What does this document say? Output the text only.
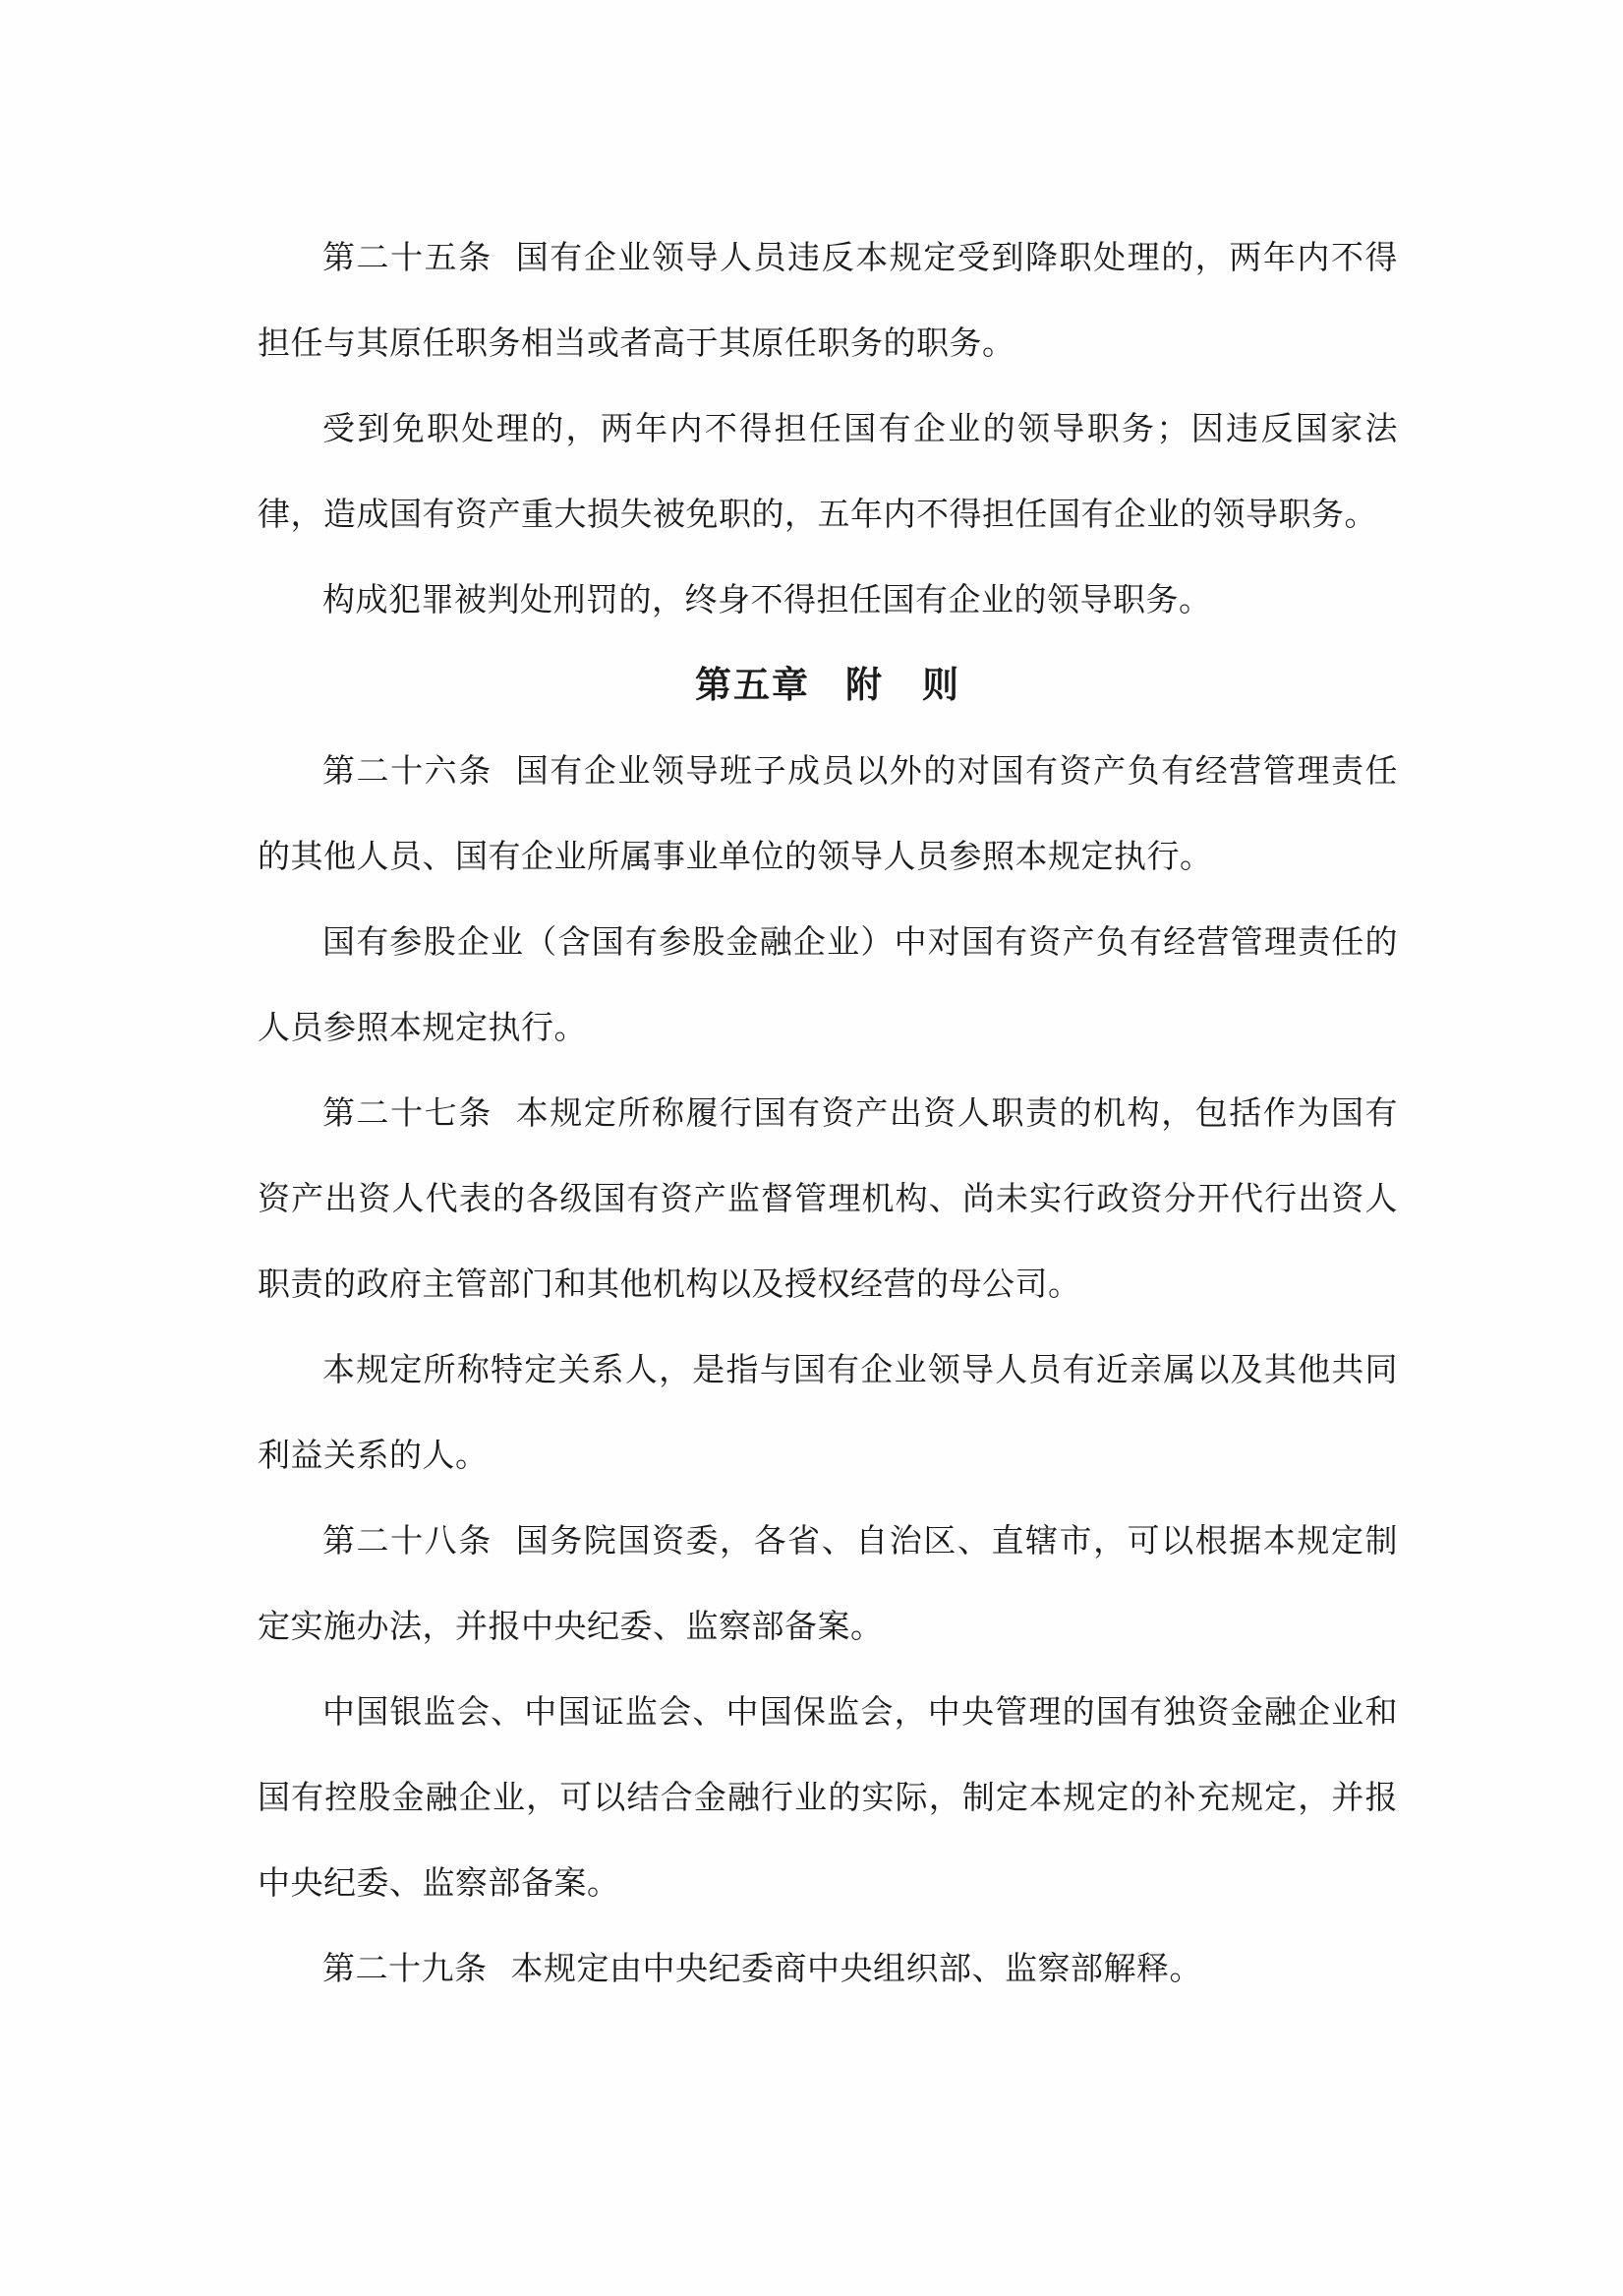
第二十五条 国有企业领导人员违反本规定受到降职处理的，两年内不得担任与其原任职务相当或者高于其原任职务的职务。

受到免职处理的，两年内不得担任国有企业的领导职务；因违反国家法律，造成国有资产重大损失被免职的，五年内不得担任国有企业的领导职务。

构成犯罪被判处刑罚的，终身不得担任国有企业的领导职务。

第五章 附　则

第二十六条 国有企业领导班子成员以外的对国有资产负有经营管理责任的其他人员、国有企业所属事业单位的领导人员参照本规定执行。

国有参股企业（含国有参股金融企业）中对国有资产负有经营管理责任的人员参照本规定执行。

第二十七条 本规定所称履行国有资产出资人职责的机构，包括作为国有资产出资人代表的各级国有资产监督管理机构、尚未实行政资分开代行出资人职责的政府主管部门和其他机构以及授权经营的母公司。

本规定所称特定关系人，是指与国有企业领导人员有近亲属以及其他共同利益关系的人。

第二十八条 国务院国资委，各省、自治区、直辖市，可以根据本规定制定实施办法，并报中央纪委、监察部备案。

中国银监会、中国证监会、中国保监会，中央管理的国有独资金融企业和国有控股金融企业，可以结合金融行业的实际，制定本规定的补充规定，并报中央纪委、监察部备案。

第二十九条 本规定由中央纪委商中央组织部、监察部解释。
